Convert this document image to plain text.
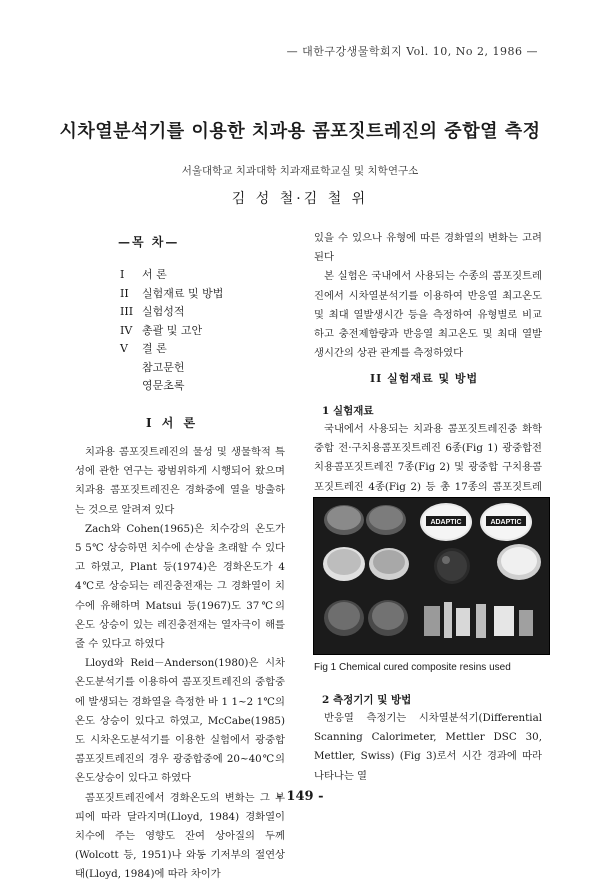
— 대한구강생물학회지 Vol. 10, No 2, 1986 —
시차열분석기를 이용한 치과용 콤포짓트레진의 중합열 측정
서울대학교 치과대학 치과재료학교실 및 치학연구소
김 성 철·김 철 위
—목 차—
I 서 론
II 실험재료 및 방법
III 실험성적
IV 총괄 및 고안
V 결 론
참고문헌
영문초록
I 서 론

치과용 콤포짓트레진의 물성 및 생물학적 특성에 관한 연구는 광범위하게 시행되어 왔으며 치과용 콤포짓트레진은 경화중에 열을 방출하는 것으로 알려져 있다

Zach와 Cohen(1965)은 치수강의 온도가 5 5℃ 상승하면 치수에 손상을 초래할 수 있다고 하였고, Plant 등(1974)은 경화온도가 4 4℃로 상승되는 레진충전재는 그 경화열이 치수에 유해하며 Matsui 등(1967)도 37℃의 온도 상승이 있는 레진충전재는 열자극이 해를 줄 수 있다고 하였다

Lloyd와 Reid－Anderson(1980)은 시차온도분석기를 이용하여 콤포짓트레진의 중합중에 발생되는 경화열을 측정한 바 1 1~2 1℃의 온도 상승이 있다고 하였고, McCabe(1985)도 시차온도분석기를 이용한 실험에서 광중합 콤포짓트레진의 경우 광중합중에 20~40℃의 온도상승이 있다고 하였다

콤포짓트레진에서 경화온도의 변화는 그 부피에 따라 달라지며(Lloyd, 1984) 경화열이 치수에 주는 영향도 잔여 상아질의 두께(Wolcott 등, 1951)나 와동 기저부의 절연상태(Lloyd, 1984)에 따라 차이가

있을 수 있으나 유형에 따른 경화열의 변화는 고려된다

본 실험은 국내에서 사용되는 수종의 콤포짓트레진에서 시차열분석기를 이용하여 반응열 최고온도 및 최대 열발생시간 등을 측정하여 유형별로 비교하고 충전제함량과 반응열 최고온도 및 최대 열발생시간의 상관 관계를 측정하였다

II 실험재료 및 방법
1 실험재료

국내에서 사용되는 치과용 콤포짓트레진중 화학중합 전·구치용콤포짓트레진 6종(Fig 1) 광중합전치용콤포짓트레진 7종(Fig 2) 및 광중합 구치용콤포짓트레진 4종(Fig 2) 등 총 17종의 콤포짓트레

ADAPTIC	ADAPTIC
Fig 1 Chemical cured composite resins used
2 측정기기 및 방법

반응열 측정기는 시차열분석기(Differential Scanning Calorimeter, Mettler DSC 30, Mettler, Swiss) (Fig 3)로서 시간 경과에 따라 나타나는 열

- 149 -
